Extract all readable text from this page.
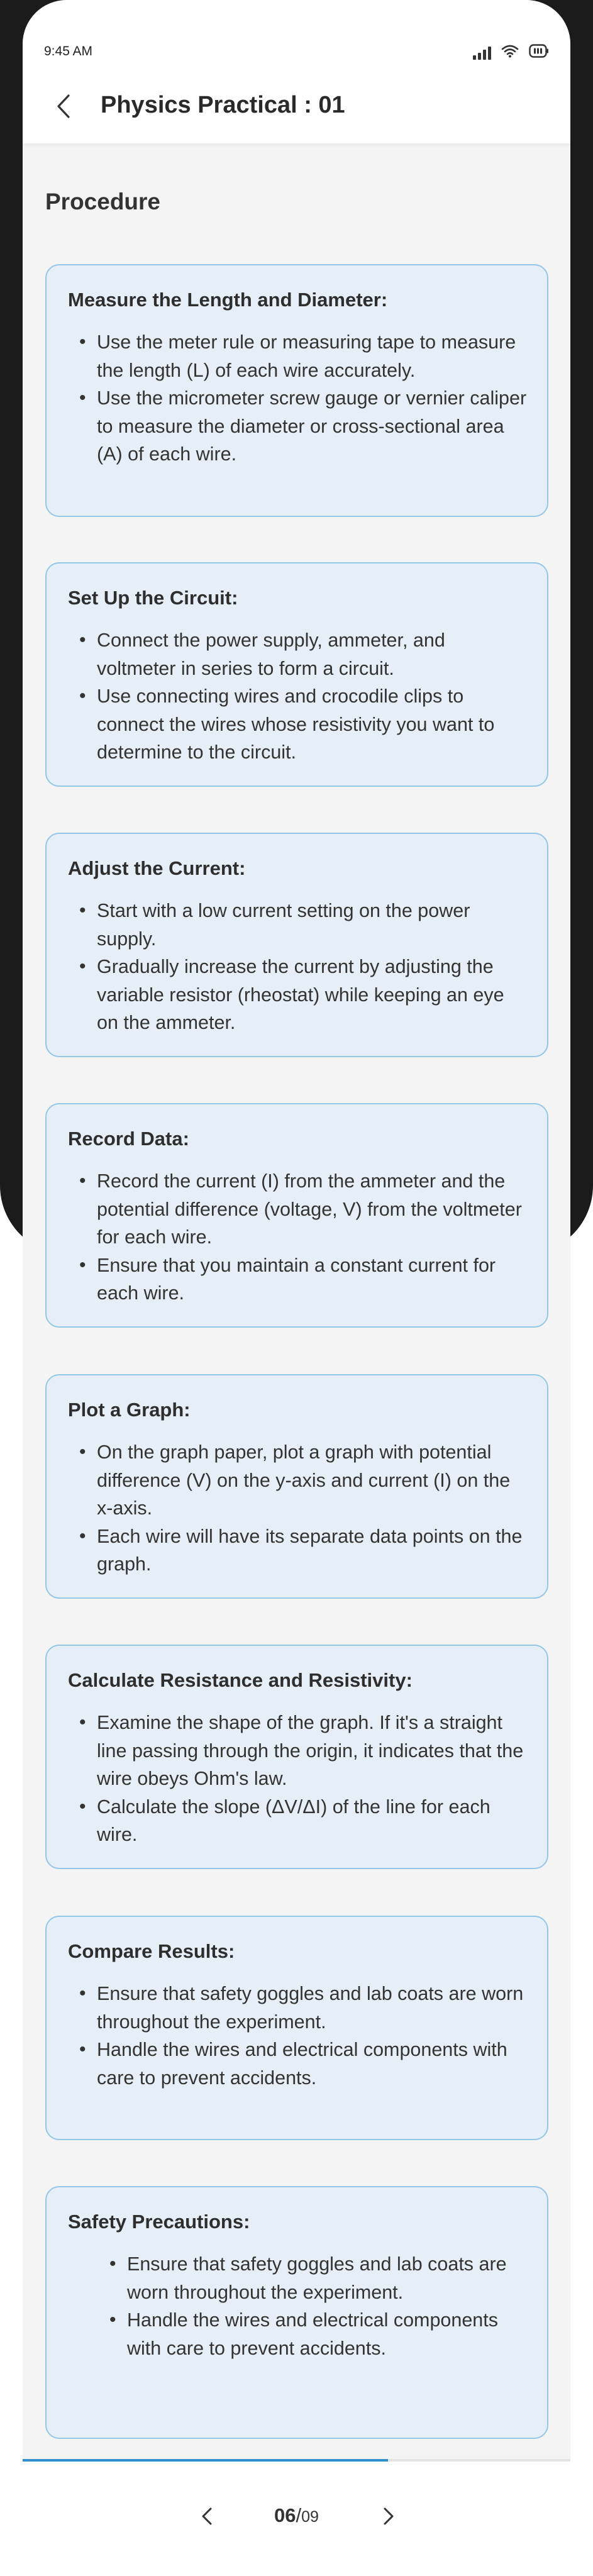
9:45 AM
Physics Practical : 01
Procedure
Measure the Length and Diameter:
• Use the meter rule or measuring tape to measure the length (L) of each wire accurately.
• Use the micrometer screw gauge or vernier caliper to measure the diameter or cross-sectional area (A) of each wire.
Set Up the Circuit:
• Connect the power supply, ammeter, and voltmeter in series to form a circuit.
• Use connecting wires and crocodile clips to connect the wires whose resistivity you want to determine to the circuit.
Adjust the Current:
• Start with a low current setting on the power supply.
• Gradually increase the current by adjusting the variable resistor (rheostat) while keeping an eye on the ammeter.
Record Data:
• Record the current (I) from the ammeter and the potential difference (voltage, V) from the voltmeter for each wire.
• Ensure that you maintain a constant current for each wire.
Plot a Graph:
• On the graph paper, plot a graph with potential difference (V) on the y-axis and current (I) on the x-axis.
• Each wire will have its separate data points on the graph.
Calculate Resistance and Resistivity:
• Examine the shape of the graph. If it's a straight line passing through the origin, it indicates that the wire obeys Ohm's law.
• Calculate the slope (ΔV/ΔI) of the line for each wire.
Compare Results:
• Ensure that safety goggles and lab coats are worn throughout the experiment.
• Handle the wires and electrical components with care to prevent accidents.
Safety Precautions:
• Ensure that safety goggles and lab coats are worn throughout the experiment.
• Handle the wires and electrical components with care to prevent accidents.
06/09
